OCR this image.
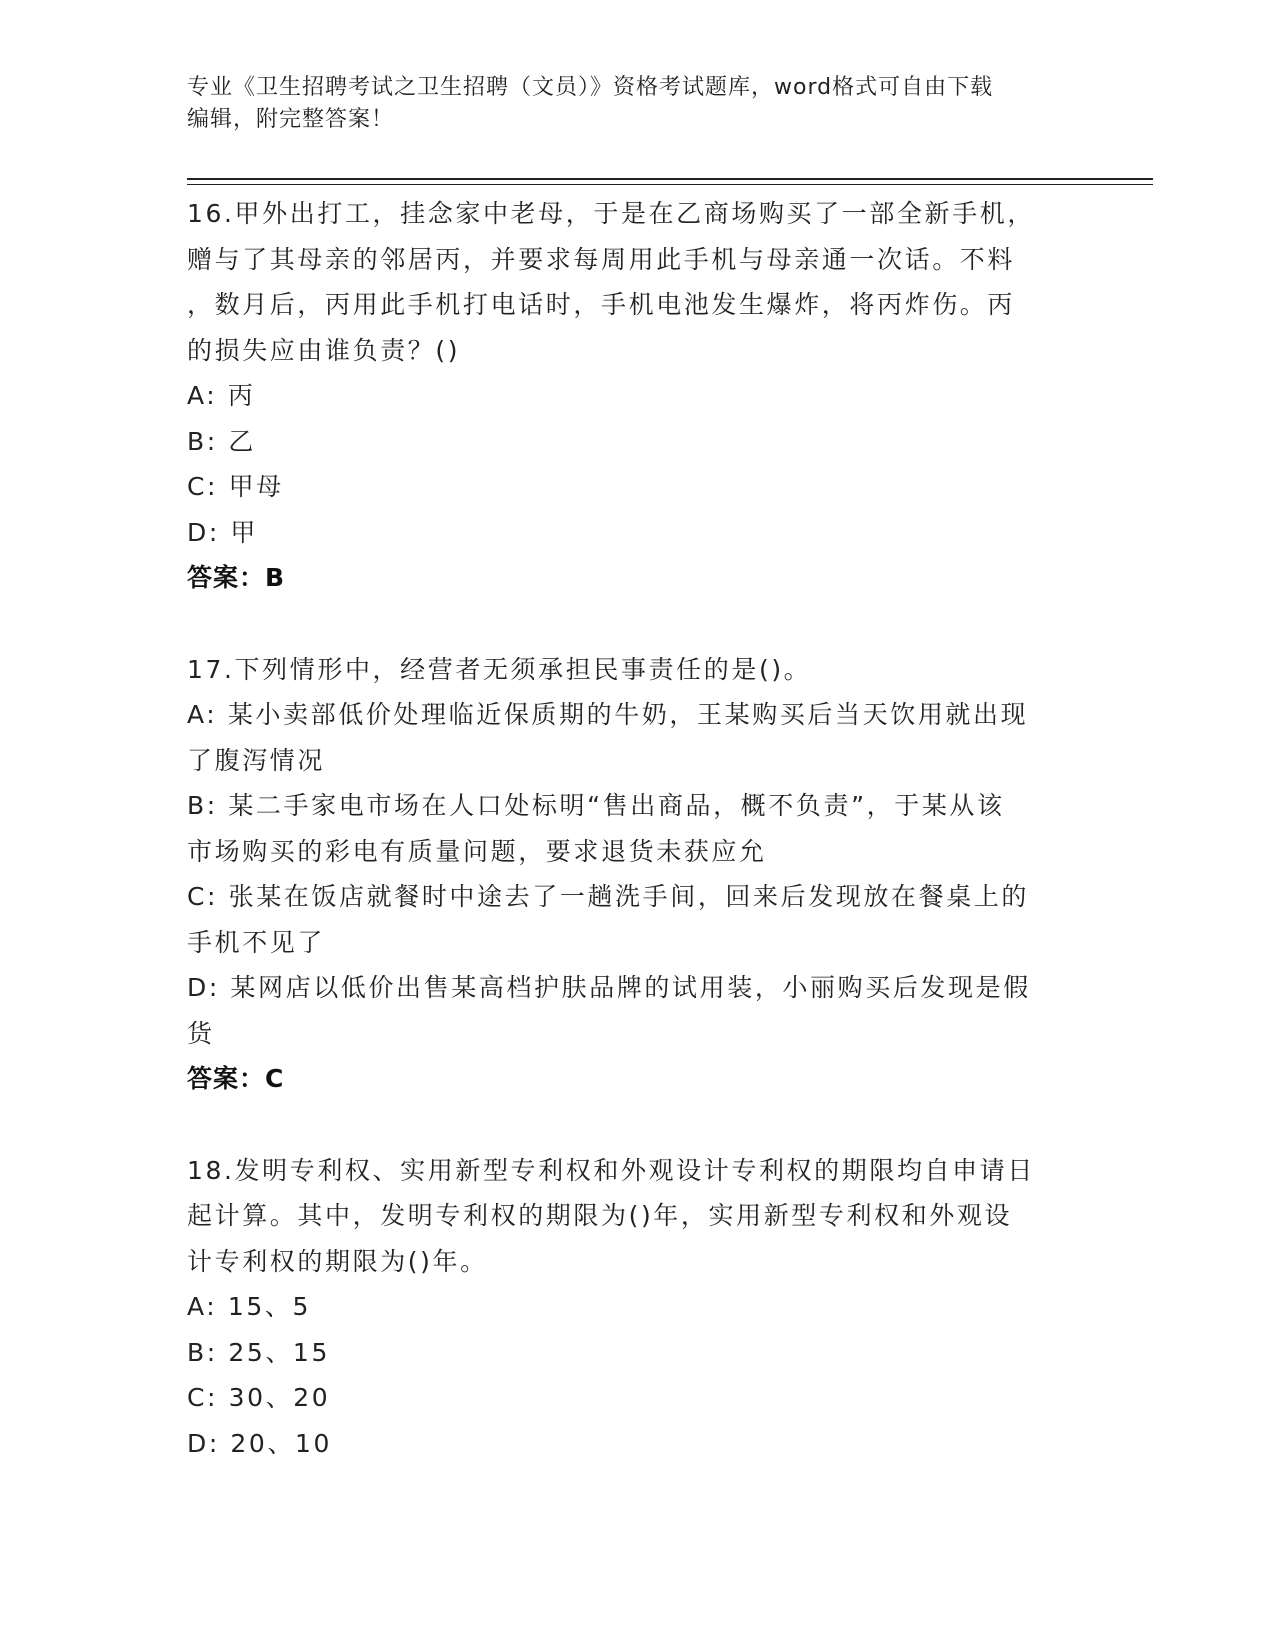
专业《卫生招聘考试之卫生招聘（文员）》资格考试题库，word格式可自由下载
编辑，附完整答案！
16.甲外出打工，挂念家中老母，于是在乙商场购买了一部全新手机，
赠与了其母亲的邻居丙，并要求每周用此手机与母亲通一次话。不料
，数月后，丙用此手机打电话时，手机电池发生爆炸，将丙炸伤。丙
的损失应由谁负责？()
A: 丙
B: 乙
C: 甲母
D: 甲
答案：B
17.下列情形中，经营者无须承担民事责任的是()。
A: 某小卖部低价处理临近保质期的牛奶，王某购买后当天饮用就出现
了腹泻情况
B: 某二手家电市场在人口处标明“售出商品，概不负责”，于某从该
市场购买的彩电有质量问题，要求退货未获应允
C: 张某在饭店就餐时中途去了一趟洗手间，回来后发现放在餐桌上的
手机不见了
D: 某网店以低价出售某高档护肤品牌的试用装，小丽购买后发现是假
货
答案：C
18.发明专利权、实用新型专利权和外观设计专利权的期限均自申请日
起计算。其中，发明专利权的期限为()年，实用新型专利权和外观设
计专利权的期限为()年。
A: 15、5
B: 25、15
C: 30、20
D: 20、10
